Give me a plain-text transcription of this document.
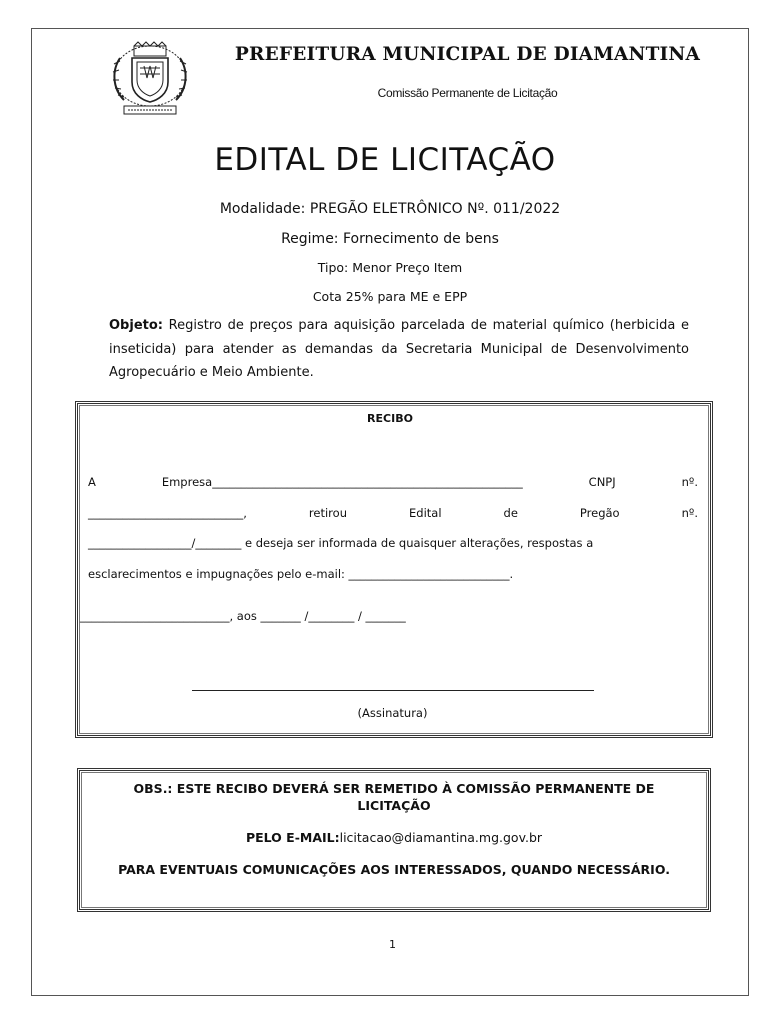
PREFEITURA MUNICIPAL DE DIAMANTINA
Comissão Permanente de Licitação
EDITAL DE LICITAÇÃO
Modalidade: PREGÃO ELETRÔNICO Nº. 011/2022
Regime: Fornecimento de bens
Tipo: Menor Preço Item
Cota 25% para ME e EPP
Objeto: Registro de preços para aquisição parcelada de material químico (herbicida e inseticida) para atender as demandas da Secretaria Municipal de Desenvolvimento Agropecuário e Meio Ambiente.
RECIBO
A	Empresa______________________________________________________	CNPJ	nº.
___________________________,	retirou	Edital	de	Pregão	nº.
__________________/________ e deseja ser informada de quaisquer alterações, respostas a
esclarecimentos e impugnações pelo e-mail: ____________________________.
__________________________, aos _______ /________ / _______
(Assinatura)
OBS.: ESTE RECIBO DEVERÁ SER REMETIDO À COMISSÃO PERMANENTE DE LICITAÇÃO
PELO E-MAIL:licitacao@diamantina.mg.gov.br
PARA EVENTUAIS COMUNICAÇÕES AOS INTERESSADOS, QUANDO NECESSÁRIO.
1
